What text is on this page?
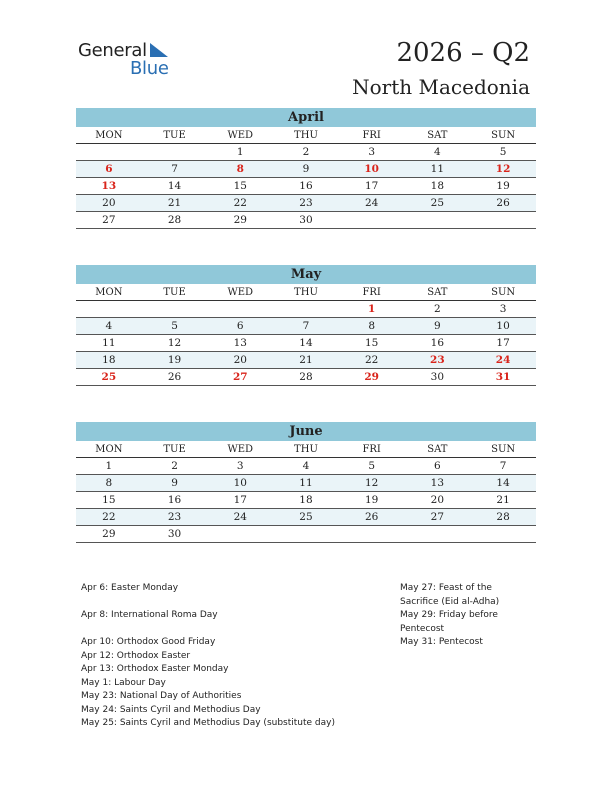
General
Blue
2026 – Q2
North Macedonia
April
MON	TUE	WED	THU	FRI	SAT	SUN
		1	2	3	4	5
6	7	8	9	10	11	12
13	14	15	16	17	18	19
20	21	22	23	24	25	26
27	28	29	30			
May
MON	TUE	WED	THU	FRI	SAT	SUN
				1	2	3
4	5	6	7	8	9	10
11	12	13	14	15	16	17
18	19	20	21	22	23	24
25	26	27	28	29	30	31
June
MON	TUE	WED	THU	FRI	SAT	SUN
1	2	3	4	5	6	7
8	9	10	11	12	13	14
15	16	17	18	19	20	21
22	23	24	25	26	27	28
29	30					
Apr 6: Easter Monday
Apr 8: International Roma Day
Apr 10: Orthodox Good Friday
Apr 12: Orthodox Easter
Apr 13: Orthodox Easter Monday
May 1: Labour Day
May 23: National Day of Authorities
May 24: Saints Cyril and Methodius Day
May 25: Saints Cyril and Methodius Day (substitute day)
May 27: Feast of the
Sacrifice (Eid al-Adha)
May 29: Friday before
Pentecost
May 31: Pentecost
